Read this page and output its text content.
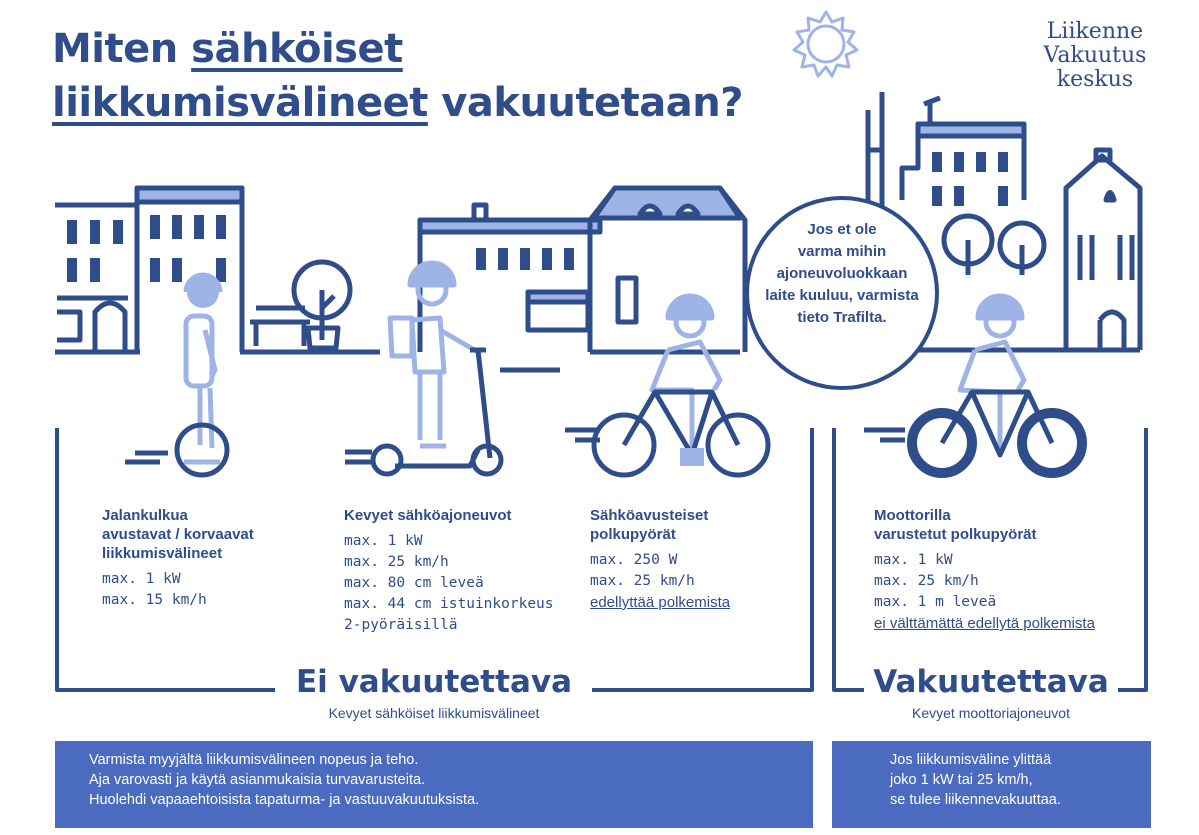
Miten sähköiset
liikkumisvälineet vakuutetaan?
Liikenne
Vakuutus
keskus
Jos et ole
varma mihin
ajoneuvoluokkaan
laite kuuluu, varmista
tieto Trafilta.
Jalankulkua
avustavat / korvaavat
liikkumisvälineet
max. 1 kW
max. 15 km/h
Kevyet sähköajoneuvot
max. 1 kW
max. 25 km/h
max. 80 cm leveä
max. 44 cm istuinkorkeus
2-pyöräisillä
Sähköavusteiset
polkupyörät
max. 250 W
max. 25 km/h
edellyttää polkemista
Moottorilla
varustetut polkupyörät
max. 1 kW
max. 25 km/h
max. 1 m leveä
ei välttämättä edellytä polkemista
Ei vakuutettava
Kevyet sähköiset liikkumisvälineet
Vakuutettava
Kevyet moottoriajoneuvot
Varmista myyjältä liikkumisvälineen nopeus ja teho.
Aja varovasti ja käytä asianmukaisia turvavarusteita.
Huolehdi vapaaehtoisista tapaturma- ja vastuuvakuutuksista.
Jos liikkumisväline ylittää
joko 1 kW tai 25 km/h,
se tulee liikennevakuuttaa.
